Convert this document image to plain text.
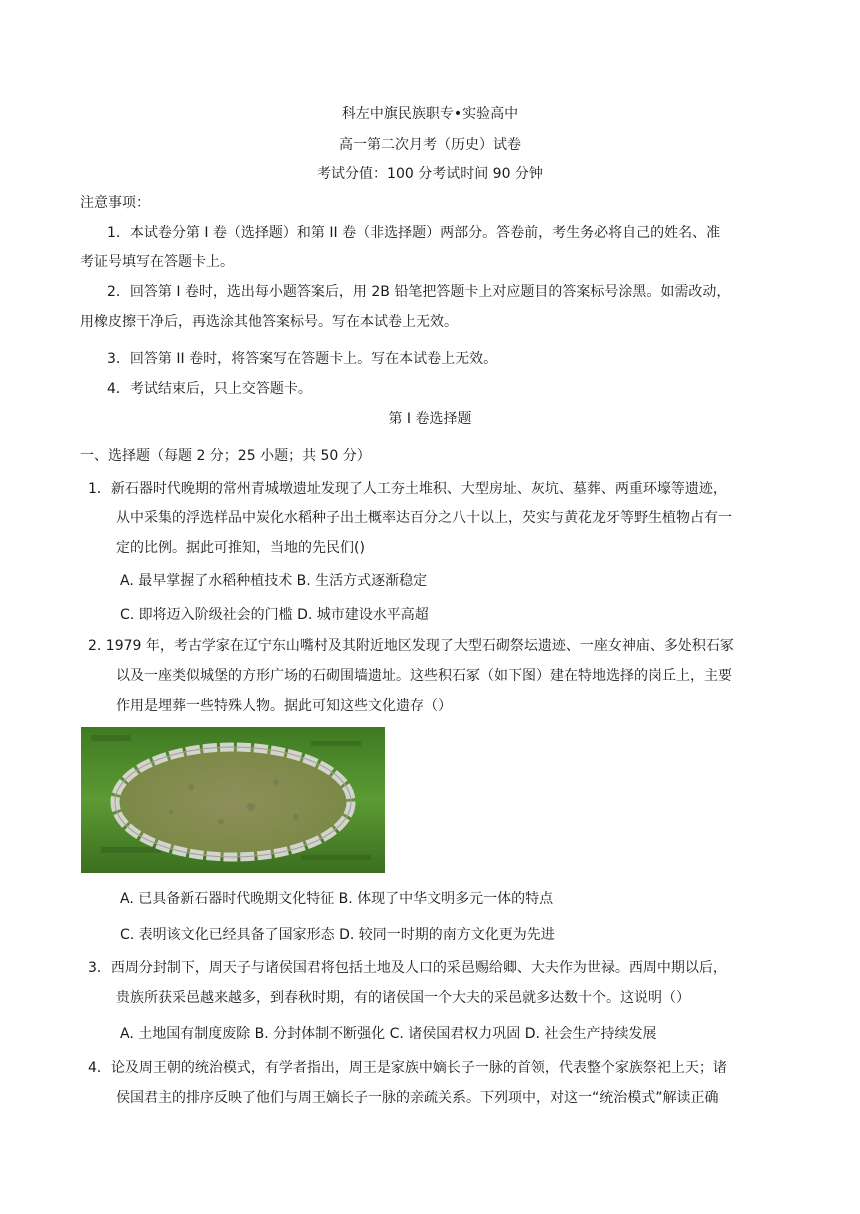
科左中旗民族职专•实验高中
高一第二次月考（历史）试卷
考试分值：100 分考试时间 90 分钟
注意事项：
1．本试卷分第 I 卷（选择题）和第 II 卷（非选择题）两部分。答卷前，考生务必将自己的姓名、准
考证号填写在答题卡上。
2．回答第 I 卷时，选出每小题答案后，用 2B 铅笔把答题卡上对应题目的答案标号涂黑。如需改动，
用橡皮擦干净后，再选涂其他答案标号。写在本试卷上无效。
3．回答第 II 卷时，将答案写在答题卡上。写在本试卷上无效。
4．考试结束后，只上交答题卡。
第 I 卷选择题
一、选择题（每题 2 分；25 小题；共 50 分）
1．新石器时代晚期的常州青城墩遗址发现了人工夯土堆积、大型房址、灰坑、墓葬、两重环壕等遗迹，
从中采集的浮选样品中炭化水稻种子出土概率达百分之八十以上，芡实与黄花龙牙等野生植物占有一
定的比例。据此可推知，当地的先民们()
A. 最早掌握了水稻种植技术 B. 生活方式逐渐稳定
C. 即将迈入阶级社会的门槛 D. 城市建设水平高超
2. 1979 年，考古学家在辽宁东山嘴村及其附近地区发现了大型石砌祭坛遗迹、一座女神庙、多处积石冢
以及一座类似城堡的方形广场的石砌围墙遗址。这些积石冢（如下图）建在特地选择的岗丘上，主要
作用是埋葬一些特殊人物。据此可知这些文化遗存（）
A. 已具备新石器时代晚期文化特征 B. 体现了中华文明多元一体的特点
C. 表明该文化已经具备了国家形态 D. 较同一时期的南方文化更为先进
3．西周分封制下，周天子与诸侯国君将包括土地及人口的采邑赐给卿、大夫作为世禄。西周中期以后，
贵族所获采邑越来越多，到春秋时期，有的诸侯国一个大夫的采邑就多达数十个。这说明（）
A. 土地国有制度废除 B. 分封体制不断强化 C. 诸侯国君权力巩固 D. 社会生产持续发展
4．论及周王朝的统治模式，有学者指出，周王是家族中嫡长子一脉的首领，代表整个家族祭祀上天；诸
侯国君主的排序反映了他们与周王嫡长子一脉的亲疏关系。下列项中，对这一“统治模式”解读正确
